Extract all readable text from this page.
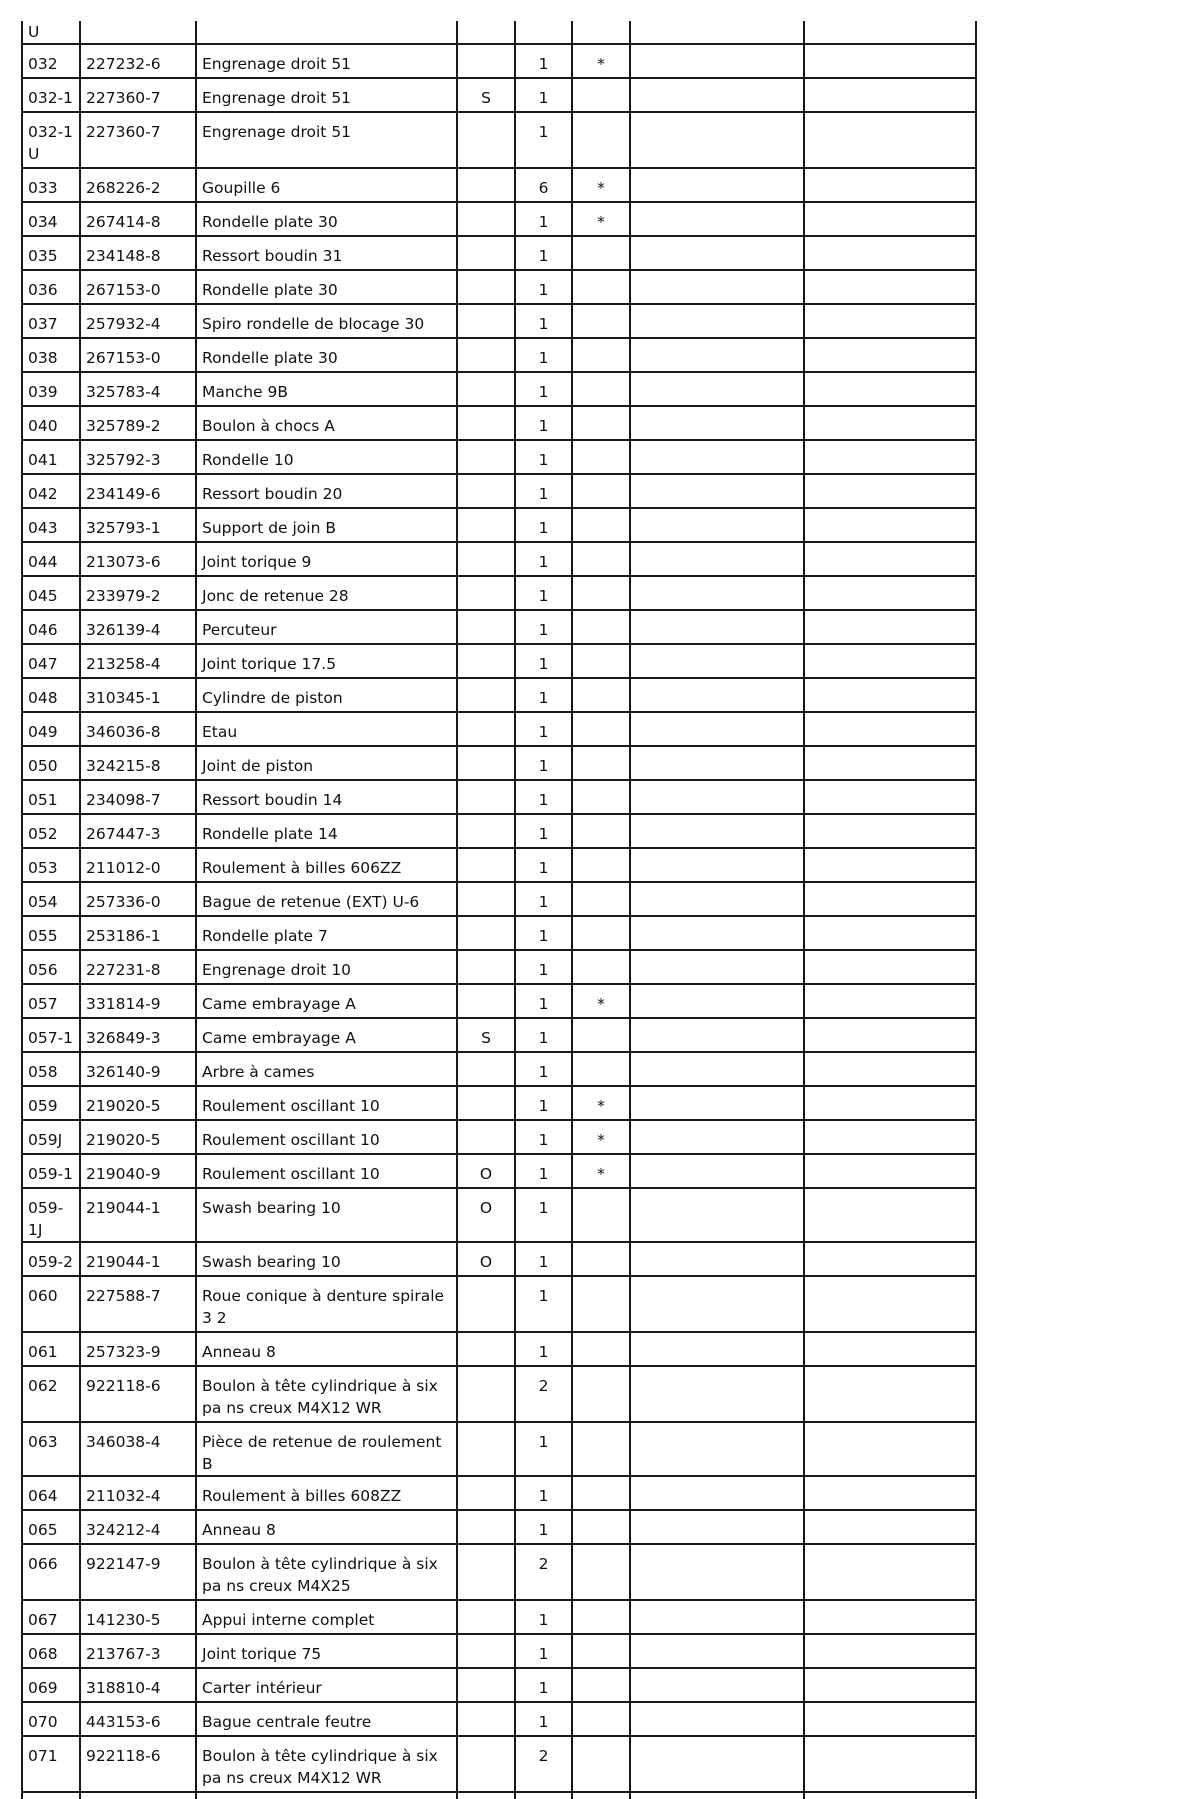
U							
032	227232-6	Engrenage droit 51		1	*		
032-1	227360-7	Engrenage droit 51	S	1			
032-1 U	227360-7	Engrenage droit 51		1			
033	268226-2	Goupille 6		6	*		
034	267414-8	Rondelle plate 30		1	*		
035	234148-8	Ressort boudin 31		1			
036	267153-0	Rondelle plate 30		1			
037	257932-4	Spiro rondelle de blocage 30		1			
038	267153-0	Rondelle plate 30		1			
039	325783-4	Manche 9B		1			
040	325789-2	Boulon à chocs A		1			
041	325792-3	Rondelle 10		1			
042	234149-6	Ressort boudin 20		1			
043	325793-1	Support de join B		1			
044	213073-6	Joint torique 9		1			
045	233979-2	Jonc de retenue 28		1			
046	326139-4	Percuteur		1			
047	213258-4	Joint torique 17.5		1			
048	310345-1	Cylindre de piston		1			
049	346036-8	Etau		1			
050	324215-8	Joint de piston		1			
051	234098-7	Ressort boudin 14		1			
052	267447-3	Rondelle plate 14		1			
053	211012-0	Roulement à billes 606ZZ		1			
054	257336-0	Bague de retenue (EXT) U-6		1			
055	253186-1	Rondelle plate 7		1			
056	227231-8	Engrenage droit 10		1			
057	331814-9	Came embrayage A		1	*		
057-1	326849-3	Came embrayage A	S	1			
058	326140-9	Arbre à cames		1			
059	219020-5	Roulement oscillant 10		1	*		
059J	219020-5	Roulement oscillant 10		1	*		
059-1	219040-9	Roulement oscillant 10	O	1	*		
059-1J	219044-1	Swash bearing 10	O	1			
059-2	219044-1	Swash bearing 10	O	1			
060	227588-7	Roue conique à denture spirale 3 2		1			
061	257323-9	Anneau 8		1			
062	922118-6	Boulon à tête cylindrique à six pa ns creux M4X12 WR		2			
063	346038-4	Pièce de retenue de roulement B		1			
064	211032-4	Roulement à billes 608ZZ		1			
065	324212-4	Anneau 8		1			
066	922147-9	Boulon à tête cylindrique à six pa ns creux M4X25		2			
067	141230-5	Appui interne complet		1			
068	213767-3	Joint torique 75		1			
069	318810-4	Carter intérieur		1			
070	443153-6	Bague centrale feutre		1			
071	922118-6	Boulon à tête cylindrique à six pa ns creux M4X12 WR		2			
